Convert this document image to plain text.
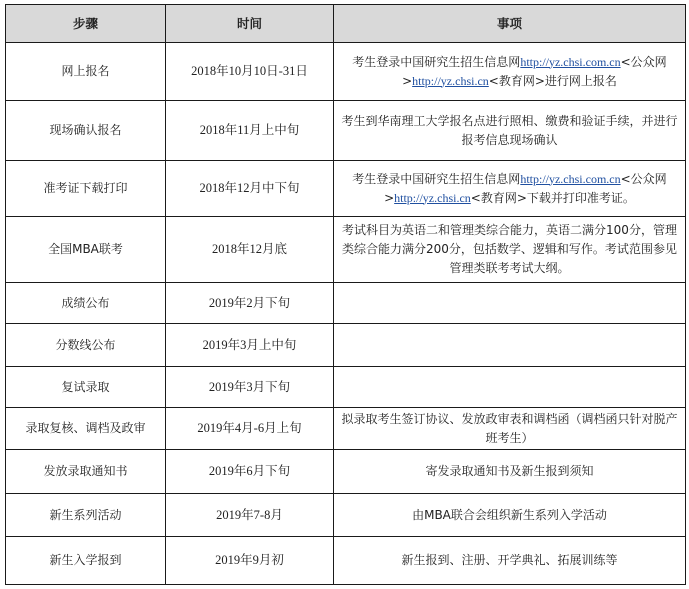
步骤	时间	事项
网上报名	2018年10月10日-31日	考生登录中国研究生招生信息网http://yz.chsi.com.cn<公众网>http://yz.chsi.cn<教育网>进行网上报名
现场确认报名	2018年11月上中旬	考生到华南理工大学报名点进行照相、缴费和验证手续，并进行报考信息现场确认
准考证下载打印	2018年12月中下旬	考生登录中国研究生招生信息网http://yz.chsi.com.cn<公众网>http://yz.chsi.cn<教育网>下载并打印准考证。
全国MBA联考	2018年12月底	考试科目为英语二和管理类综合能力，英语二满分100分，管理类综合能力满分200分，包括数学、逻辑和写作。考试范围参见管理类联考考试大纲。
成绩公布	2019年2月下旬	
分数线公布	2019年3月上中旬	
复试录取	2019年3月下旬	
录取复核、调档及政审	2019年4月-6月上旬	拟录取考生签订协议、发放政审表和调档函（调档函只针对脱产班考生）
发放录取通知书	2019年6月下旬	寄发录取通知书及新生报到须知
新生系列活动	2019年7-8月	由MBA联合会组织新生系列入学活动
新生入学报到	2019年9月初	新生报到、注册、开学典礼、拓展训练等
